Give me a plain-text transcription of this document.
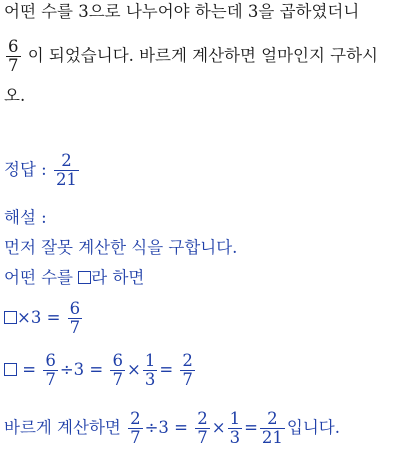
어떤 수를 3으로 나누어야 하는데 3을 곱하였더니
$\frac{6}{7}$ 이 되었습니다. 바르게 계산하면 얼마인지 구하시
오.
정답 : $\frac{2}{21}$
해설 :
먼저 잘못 계산한 식을 구합니다.
어떤 수를 라 하면
$\times 3 = \frac{6}{7}$
= $\frac{6}{7} \div 3 = \frac{6}{7} \times \frac{1}{3} = \frac{2}{7}$
바르게 계산하면 $\frac{2}{7} \div 3 = \frac{2}{7} \times \frac{1}{3} = \frac{2}{21}$ 입니다.
